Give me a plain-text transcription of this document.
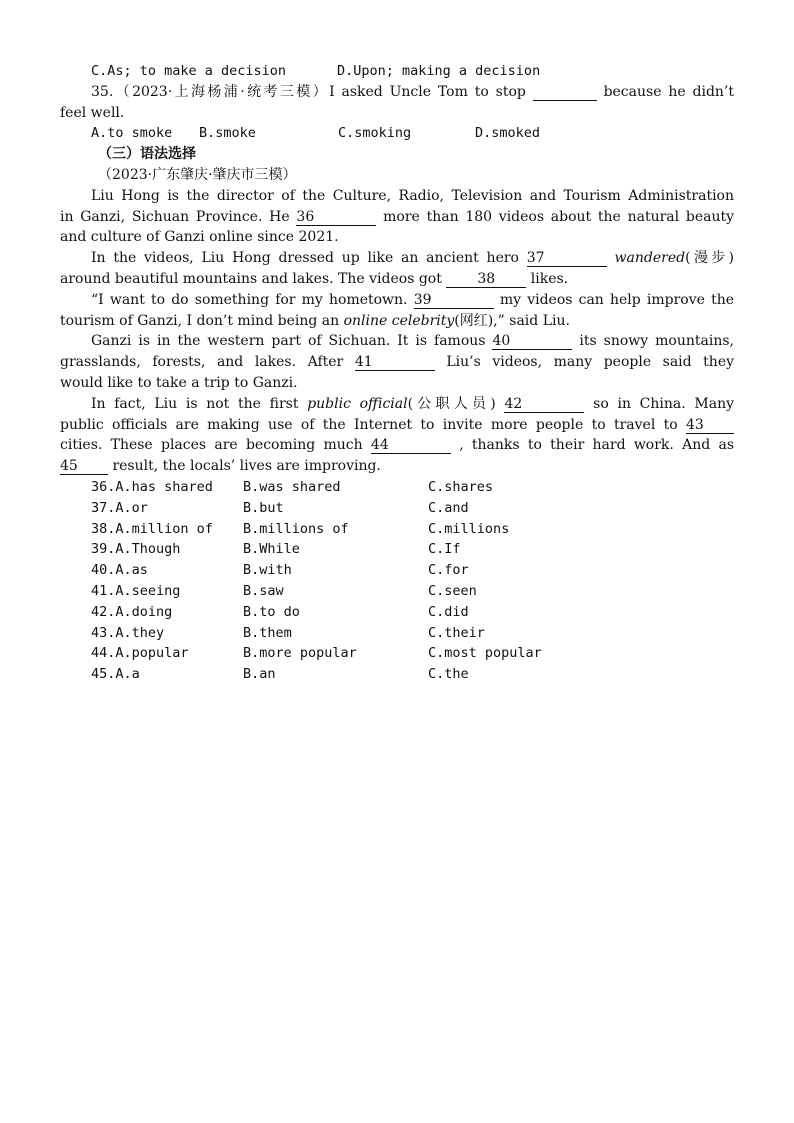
C.As; to make a decision	D.Upon; making a decision
35.（2023·上海杨浦·统考三模）I asked Uncle Tom to stop	because he didn’t
feel well.
A.to smoke	B.smoke	C.smoking	D.smoked
（三）语法选择
（2023·广东肇庆·肇庆市三模）
Liu Hong is the director of the Culture, Radio, Television and Tourism Administration
in Ganzi, Sichuan Province. He 36	more than 180 videos about the natural beauty
and culture of Ganzi online since 2021.
In the videos, Liu Hong dressed up like an ancient hero 37	wandered(漫步)
around beautiful mountains and lakes. The videos got	38	likes.
“I want to do something for my hometown. 39	my videos can help improve the
tourism of Ganzi, I don’t mind being an online celebrity(网红),” said Liu.
Ganzi is in the western part of Sichuan. It is famous 40	its snowy mountains,
grasslands, forests, and lakes. After 41	Liu’s videos, many people said they
would like to take a trip to Ganzi.
In fact, Liu is not the first public official(公职人员) 42	so in China. Many
public officials are making use of the Internet to invite more people to travel to 43
cities. These places are becoming much 44	, thanks to their hard work. And as
45 result, the locals’ lives are improving.
36.A.has shared	B.was shared	C.shares
37.A.or	B.but	C.and
38.A.million of	B.millions of	C.millions
39.A.Though	B.While	C.If
40.A.as	B.with	C.for
41.A.seeing	B.saw	C.seen
42.A.doing	B.to do	C.did
43.A.they	B.them	C.their
44.A.popular	B.more popular	C.most popular
45.A.a	B.an	C.the
